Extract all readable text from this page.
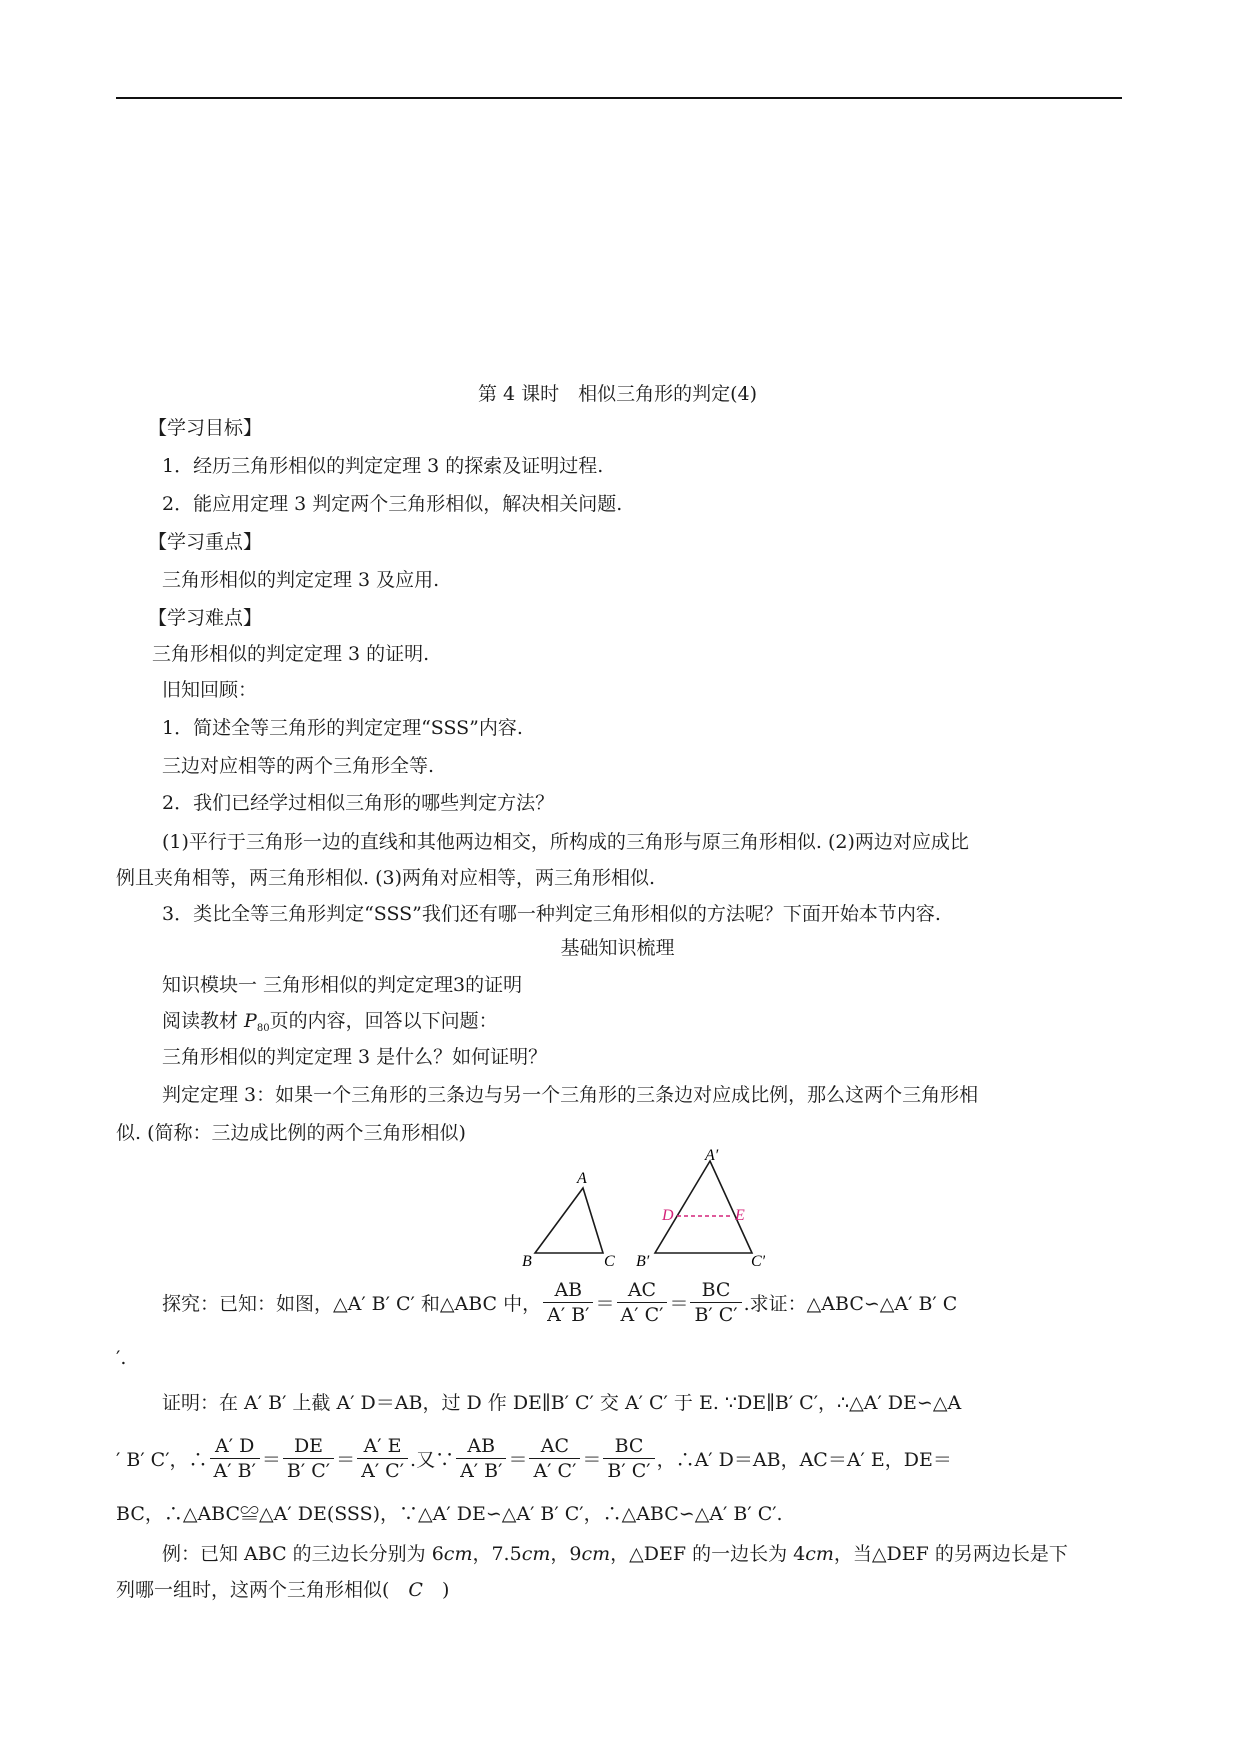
第 4 课时　相似三角形的判定(4)
【学习目标】
1．经历三角形相似的判定定理 3 的探索及证明过程.
2．能应用定理 3 判定两个三角形相似，解决相关问题.
【学习重点】
三角形相似的判定定理 3 及应用.
【学习难点】
三角形相似的判定定理 3 的证明.
旧知回顾：
1．简述全等三角形的判定定理“SSS”内容.
三边对应相等的两个三角形全等.
2．我们已经学过相似三角形的哪些判定方法？
(1)平行于三角形一边的直线和其他两边相交，所构成的三角形与原三角形相似. (2)两边对应成比
例且夹角相等，两三角形相似. (3)两角对应相等，两三角形相似.
3．类比全等三角形判定“SSS”我们还有哪一种判定三角形相似的方法呢？下面开始本节内容.
基础知识梳理
知识模块一 三角形相似的判定定理3的证明
阅读教材 $P_{80}$页的内容，回答以下问题：
三角形相似的判定定理 3 是什么？如何证明？
判定定理 3：如果一个三角形的三条边与另一个三角形的三条边对应成比例，那么这两个三角形相
似. (简称：三边成比例的两个三角形相似)
A
B	C
A′
B′	C′
D	E
探究：已知：如图，△A′ B′ C′ 和△ABC 中， $\frac{AB}{A' B'} = \frac{AC}{A' C'} = \frac{BC}{B' C'}$ .求证：△ABC∽△A′ B′ C
′.
证明：在 A′ B′ 上截 A′ D＝AB，过 D 作 DE∥B′ C′ 交 A′ C′ 于 E. ∵DE∥B′ C′，∴△A′ DE∽△A
′ B′ C′，∴ $\frac{A' D}{A' B'} = \frac{DE}{B' C'} = \frac{A' E}{A' C'}$ .又∵ $\frac{AB}{A' B'} = \frac{AC}{A' C'} = \frac{BC}{B' C'}$ ，∴A′ D＝AB，AC＝A′ E，DE＝
BC，∴△ABC≌△A′ DE(SSS)，∵△A′ DE∽△A′ B′ C′，∴△ABC∽△A′ B′ C′.
例：已知 ABC 的三边长分别为 6cm，7.5cm，9cm，△DEF 的一边长为 4cm，当△DEF 的另两边长是下
列哪一组时，这两个三角形相似(　C　)
